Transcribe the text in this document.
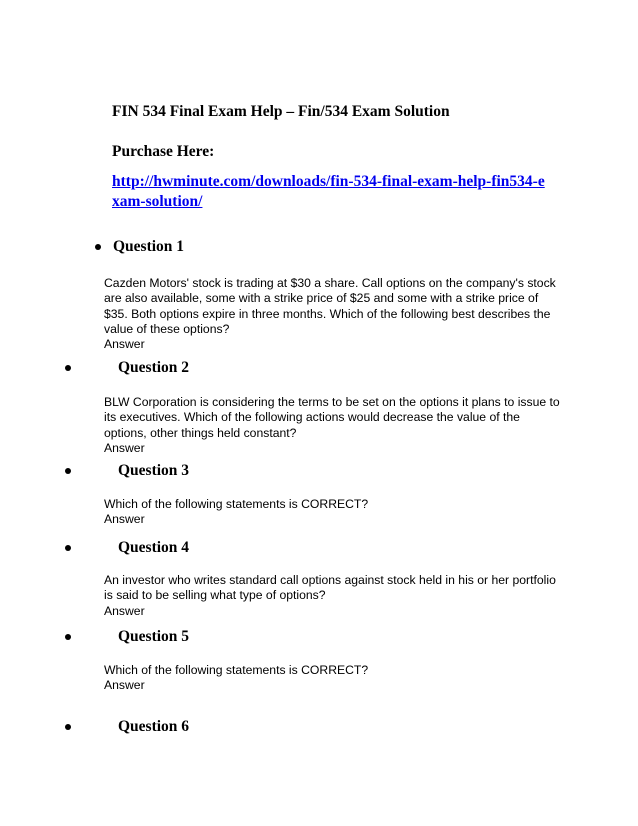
FIN 534 Final Exam Help – Fin/534 Exam Solution
Purchase Here:
http://hwminute.com/downloads/fin-534-final-exam-help-fin534-exam-solution/
Question 1

Cazden Motors' stock is trading at $30 a share. Call options on the company's stock are also available, some with a strike price of $25 and some with a strike price of $35. Both options expire in three months. Which of the following best describes the value of these options?

Answer

Question 2

BLW Corporation is considering the terms to be set on the options it plans to issue to its executives. Which of the following actions would decrease the value of the options, other things held constant?

Answer

Question 3

Which of the following statements is CORRECT?

Answer

Question 4

An investor who writes standard call options against stock held in his or her portfolio is said to be selling what type of options?

Answer

Question 5

Which of the following statements is CORRECT?

Answer

Question 6
